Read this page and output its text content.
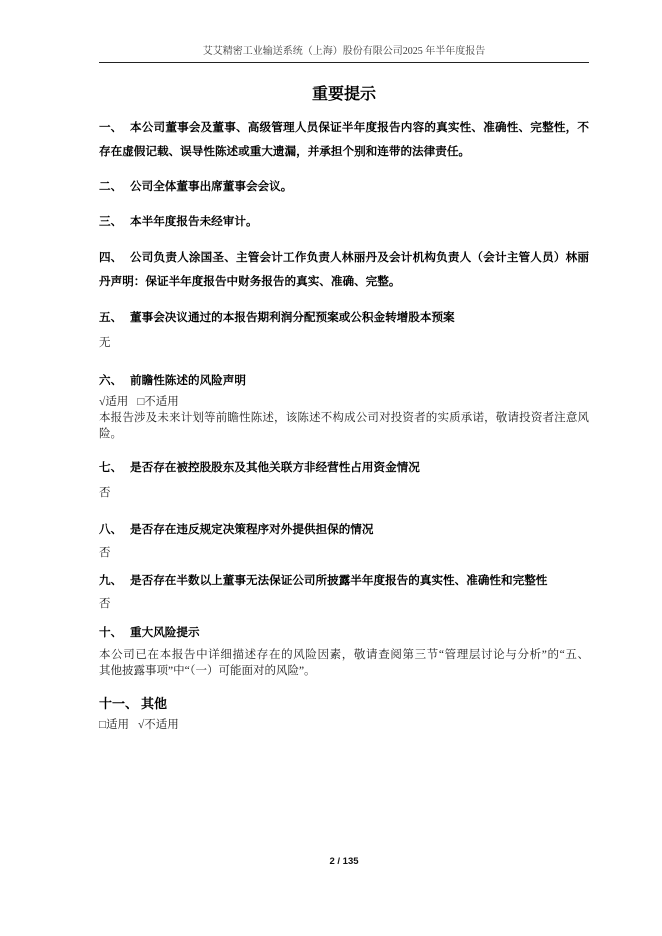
艾艾精密工业输送系统（上海）股份有限公司2025 年半年度报告
重要提示
一、 本公司董事会及董事、高级管理人员保证半年度报告内容的真实性、准确性、完整性，不
存在虚假记载、误导性陈述或重大遗漏，并承担个别和连带的法律责任。
二、 公司全体董事出席董事会会议。
三、 本半年度报告未经审计。
四、 公司负责人涂国圣、主管会计工作负责人林丽丹及会计机构负责人（会计主管人员）林丽
丹声明：保证半年度报告中财务报告的真实、准确、完整。
五、 董事会决议通过的本报告期利润分配预案或公积金转增股本预案
无
六、 前瞻性陈述的风险声明
√适用 □不适用
本报告涉及未来计划等前瞻性陈述，该陈述不构成公司对投资者的实质承诺，敬请投资者注意风
险。
七、 是否存在被控股股东及其他关联方非经营性占用资金情况
否
八、 是否存在违反规定决策程序对外提供担保的情况
否
九、 是否存在半数以上董事无法保证公司所披露半年度报告的真实性、准确性和完整性
否
十、 重大风险提示
本公司已在本报告中详细描述存在的风险因素，敬请查阅第三节“管理层讨论与分析”的“五、
其他披露事项”中“（一）可能面对的风险”。
十一、 其他
□适用 √不适用
2 / 135
